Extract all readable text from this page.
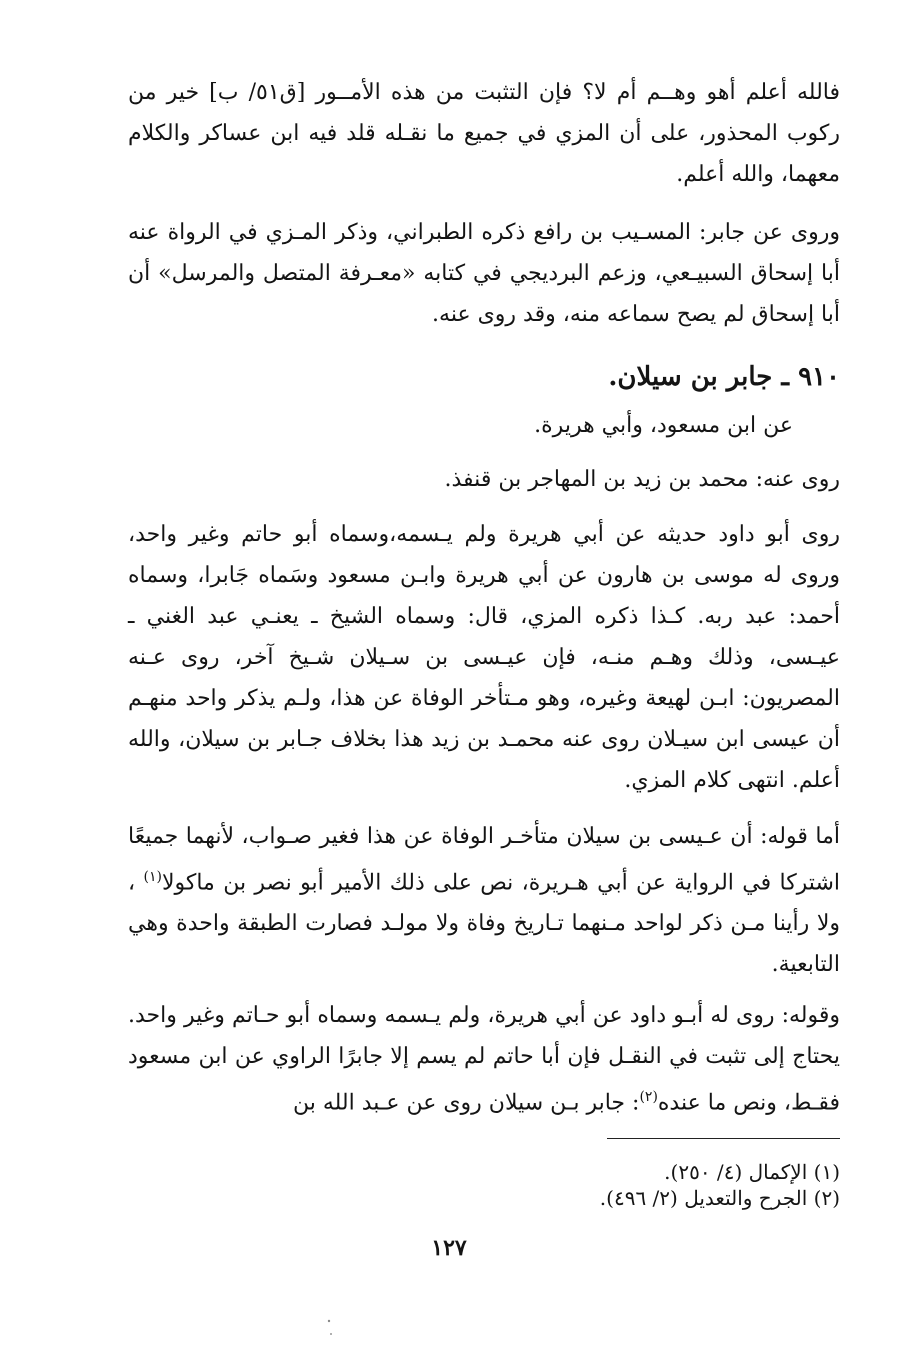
فالله أعلم أهو وهــم أم لا؟ فإن التثبت من هذه الأمــور [ق٥١/ ب] خير من ركوب المحذور، على أن المزي في جميع ما نقـله قلد فيه ابن عساكر والكلام معهما، والله أعلم.

وروى عن جابر: المسـيب بن رافع ذكره الطبراني، وذكر المـزي في الرواة عنه أبا إسحاق السبيـعي، وزعم البرديجي في كتابه «معـرفة المتصل والمرسل» أن أبا إسحاق لم يصح سماعه منه، وقد روى عنه.

٩١٠ ـ جابر بن سيلان.
عن ابن مسعود، وأبي هريرة.

روى عنه: محمد بن زيد بن المهاجر بن قنفذ.

روى أبو داود حديثه عن أبي هريرة ولم يـسمه،وسماه أبو حاتم وغير واحد، وروى له موسى بن هارون عن أبي هريرة وابـن مسعود وسَماه جَابرا، وسماه أحمد: عبد ربه. كـذا ذكره المزي، قال: وسماه الشيخ ـ يعنـي عبد الغني ـ عيـسى، وذلك وهـم منـه، فإن عيـسى بن سـيلان شـيخ آخر، روى عـنه المصريون: ابـن لهيعة وغيره، وهو مـتأخر الوفاة عن هذا، ولـم يذكر واحد منهـم أن عيسى ابن سيـلان روى عنه محمـد بن زيد هذا بخلاف جـابر بن سيلان، والله أعلم. انتهى كلام المزي.

أما قوله: أن عـيسى بن سيلان متأخـر الوفاة عن هذا فغير صـواب، لأنهما جميعًا اشتركا في الرواية عن أبي هـريرة، نص على ذلك الأمير أبو نصر بن ماكولا$^{(١)}$ ، ولا رأينا مـن ذكر لواحد مـنهما تـاريخ وفاة ولا مولـد فصارت الطبقة واحدة وهي التابعية.

وقوله: روى له أبـو داود عن أبي هريرة، ولم يـسمه وسماه أبو حـاتم وغير واحد. يحتاج إلى تثبت في النقـل فإن أبا حاتم لم يسم إلا جابرًا الراوي عن ابن مسعود فقـط، ونص ما عنده$^{(٢)}$: جابر بـن سيلان روى عن عـبد الله بن

(١) الإكمال (٤/ ٢٥٠).
(٢) الجرح والتعديل (٢/ ٤٩٦).
١٢٧
